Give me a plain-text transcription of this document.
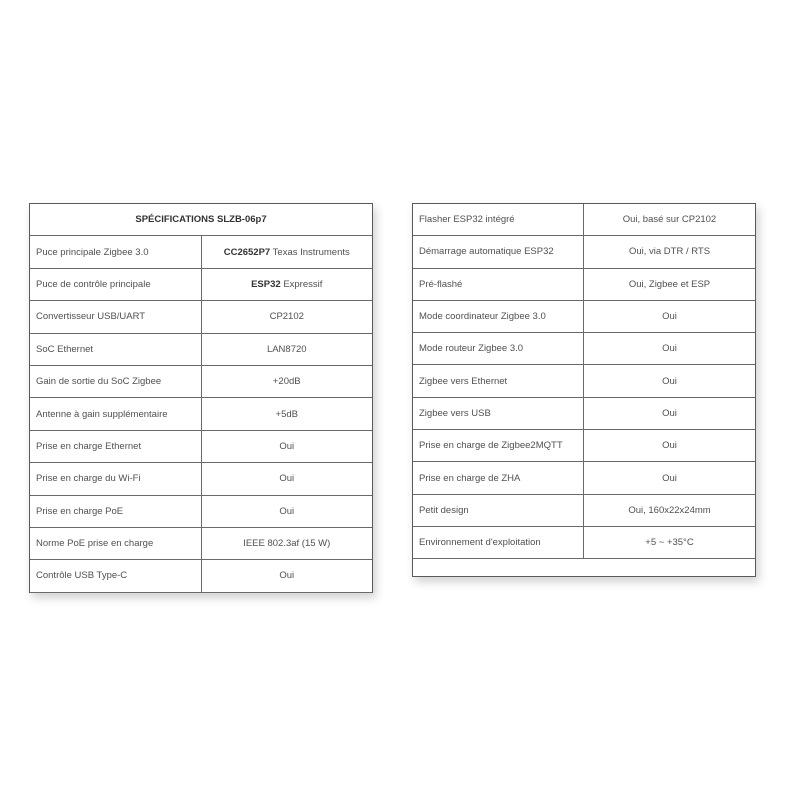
SPÉCIFICATIONS SLZB-06p7	
Puce principale Zigbee 3.0	CC2652P7 Texas Instruments
Puce de contrôle principale	ESP32 Expressif
Convertisseur USB/UART	CP2102
SoC Ethernet	LAN8720
Gain de sortie du SoC Zigbee	+20dB
Antenne à gain supplémentaire	+5dB
Prise en charge Ethernet	Oui
Prise en charge du Wi-Fi	Oui
Prise en charge PoE	Oui
Norme PoE prise en charge	IEEE 802.3af (15 W)
Contrôle USB Type-C	Oui
Flasher ESP32 intégré	Oui, basé sur CP2102
Démarrage automatique ESP32	Oui, via DTR / RTS
Pré-flashé	Oui, Zigbee et ESP
Mode coordinateur Zigbee 3.0	Oui
Mode routeur Zigbee 3.0	Oui
Zigbee vers Ethernet	Oui
Zigbee vers USB	Oui
Prise en charge de Zigbee2MQTT	Oui
Prise en charge de ZHA	Oui
Petit design	Oui, 160x22x24mm
Environnement d'exploitation	+5 ~ +35°C
